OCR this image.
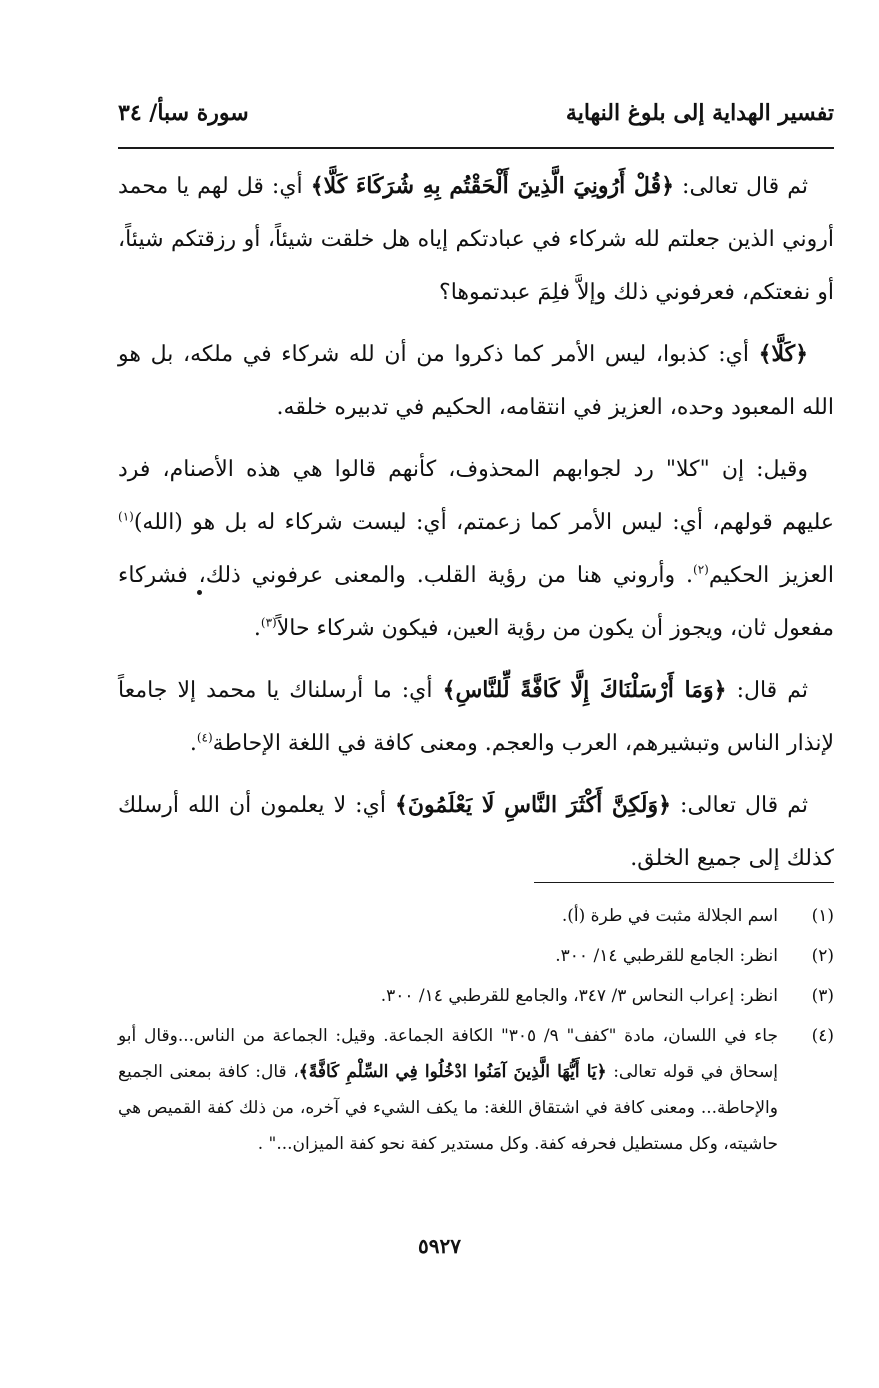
تفسير الهداية إلى بلوغ النهاية
سورة سبأ/ ٣٤

ثم قال تعالى: ﴿قُلْ أَرُونِيَ الَّذِينَ أَلْحَقْتُم بِهِ شُرَكَاءَ كَلَّا﴾ أي: قل لهم يا محمد أروني الذين جعلتم لله شركاء في عبادتكم إياه هل خلقت شيئاً، أو رزقتكم شيئاً، أو نفعتكم، فعرفوني ذلك وإلاَّ فلِمَ عبدتموها؟

﴿كَلَّا﴾ أي: كذبوا، ليس الأمر كما ذكروا من أن لله شركاء في ملكه، بل هو الله المعبود وحده، العزيز في انتقامه، الحكيم في تدبيره خلقه.

وقيل: إن "كلا" رد لجوابهم المحذوف، كأنهم قالوا هي هذه الأصنام، فرد عليهم قولهم، أي: ليس الأمر كما زعمتم، أي: ليست شركاء له بل هو (الله)$^{(١)}$ العزيز الحكيم$^{(٢)}$. وأروني هنا من رؤية القلب. والمعنى عرفوني ذلك، فشركاء مفعول ثان، ويجوز أن يكون من رؤية العين، فيكون شركاء حالاً$^{(٣)}$.

ثم قال: ﴿وَمَا أَرْسَلْنَاكَ إِلَّا كَافَّةً لِّلنَّاسِ﴾ أي: ما أرسلناك يا محمد إلا جامعاً لإنذار الناس وتبشيرهم، العرب والعجم. ومعنى كافة في اللغة الإحاطة$^{(٤)}$.

ثم قال تعالى: ﴿وَلَكِنَّ أَكْثَرَ النَّاسِ لَا يَعْلَمُونَ﴾ أي: لا يعلمون أن الله أرسلك كذلك إلى جميع الخلق.

(١)
اسم الجلالة مثبت في طرة (أ).
(٢)
انظر: الجامع للقرطبي ١٤/ ٣٠٠.
(٣)
انظر: إعراب النحاس ٣/ ٣٤٧، والجامع للقرطبي ١٤/ ٣٠٠.
(٤)
جاء في اللسان، مادة "كفف" ٩/ ٣٠٥" الكافة الجماعة. وقيل: الجماعة من الناس...وقال أبو إسحاق في قوله تعالى: ﴿يَا أَيُّهَا الَّذِينَ آمَنُوا ادْخُلُوا فِي السِّلْمِ كَافَّةً﴾، قال: كافة بمعنى الجميع والإحاطة... ومعنى كافة في اشتقاق اللغة: ما يكف الشيء في آخره، من ذلك كفة القميص هي حاشيته، وكل مستطيل فحرفه كفة. وكل مستدير كفة نحو كفة الميزان..." .
٥٩٢٧
